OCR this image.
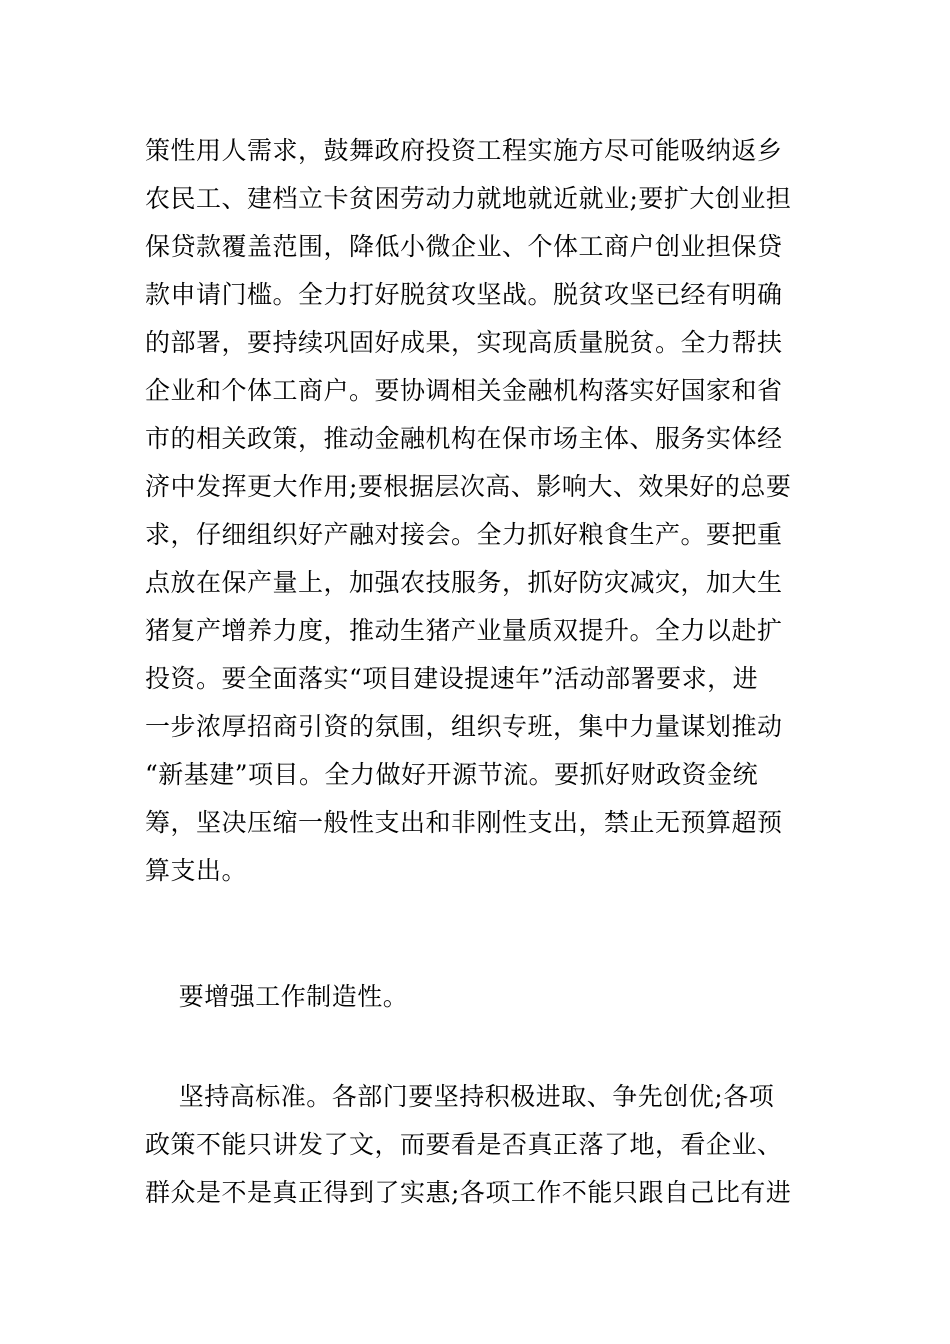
策性用人需求，鼓舞政府投资工程实施方尽可能吸纳返乡
农民工、建档立卡贫困劳动力就地就近就业;要扩大创业担
保贷款覆盖范围，降低小微企业、个体工商户创业担保贷
款申请门槛。全力打好脱贫攻坚战。脱贫攻坚已经有明确
的部署，要持续巩固好成果，实现高质量脱贫。全力帮扶
企业和个体工商户。要协调相关金融机构落实好国家和省
市的相关政策，推动金融机构在保市场主体、服务实体经
济中发挥更大作用;要根据层次高、影响大、效果好的总要
求，仔细组织好产融对接会。全力抓好粮食生产。要把重
点放在保产量上，加强农技服务，抓好防灾减灾，加大生
猪复产增养力度，推动生猪产业量质双提升。全力以赴扩
投资。要全面落实“项目建设提速年”活动部署要求，进
一步浓厚招商引资的氛围，组织专班，集中力量谋划推动
“新基建”项目。全力做好开源节流。要抓好财政资金统
筹，坚决压缩一般性支出和非刚性支出，禁止无预算超预
算支出。
要增强工作制造性。
坚持高标准。各部门要坚持积极进取、争先创优;各项
政策不能只讲发了文，而要看是否真正落了地，看企业、
群众是不是真正得到了实惠;各项工作不能只跟自己比有进
